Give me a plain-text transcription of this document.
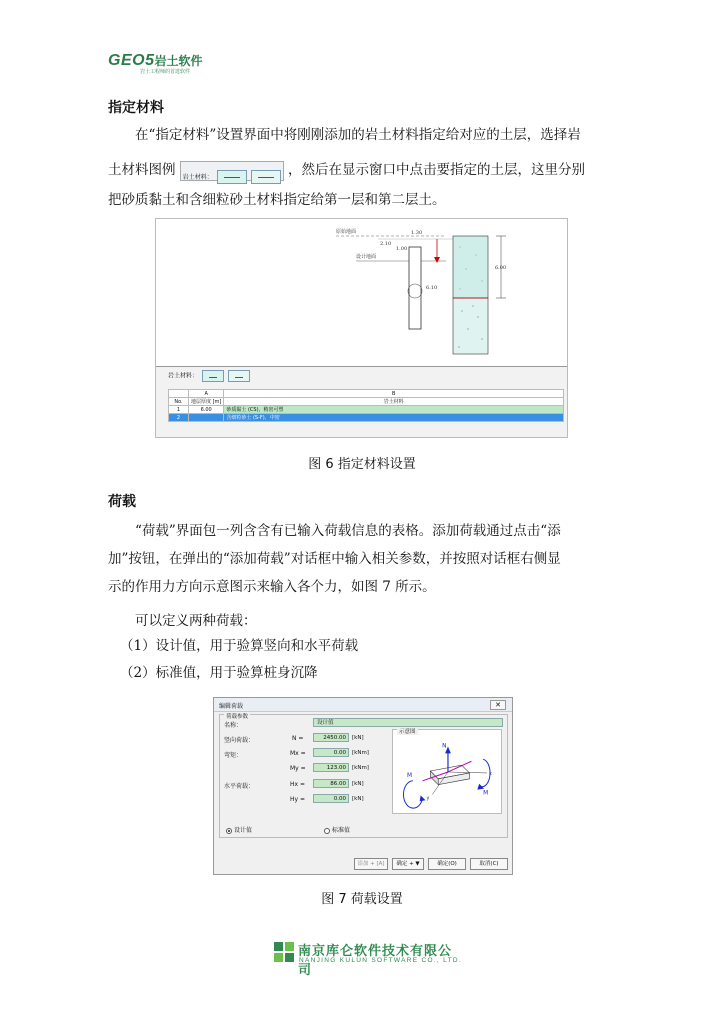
GEO5岩土软件
岩土工程师的首选软件
指定材料
在“指定材料”设置界面中将刚刚添加的岩土材料指定给对应的土层，选择岩
土材料图例 岩土材料：	，然后在显示窗口中点击要指定的土层，这里分别
把砂质黏土和含细粒砂土材料指定给第一层和第二层土。
原始地面
设计地面
1.30
2.10
1.00
6.10
6.00
岩土材料：
	A	B
No.	地层厚度 [m]	岩土材料
1	6.00	砂质黏土 (CS)，稍密可塑
2		含细粒砂土 (S-F)，中密
图 6 指定材料设置
荷载
“荷载”界面包一列含含有已输入荷载信息的表格。添加荷载通过点击“添
加”按钮，在弹出的“添加荷载”对话框中输入相关参数，并按照对话框右侧显
示的作用力方向示意图示来输入各个力，如图 7 所示。
可以定义两种荷载：
（1）设计值，用于验算竖向和水平荷载
（2）标准值，用于验算桩身沉降
编辑荷载	✕
荷载参数
名称：	设计值
竖向荷载：	N =	2450.00	[kN]
弯矩：	Mx =	0.00	[kNm]
My =	123.00	[kNm]
水平荷载：	Hx =	86.00	[kN]
Hy =	0.00	[kN]
示意图
N
x
y
M
M
设计值	标准值
添加 + [A]	确定 + ▼	确定(O)	取消(C)
图 7 荷载设置
南京库仑软件技术有限公司
NANJING KULUN SOFTWARE CO., LTD.
